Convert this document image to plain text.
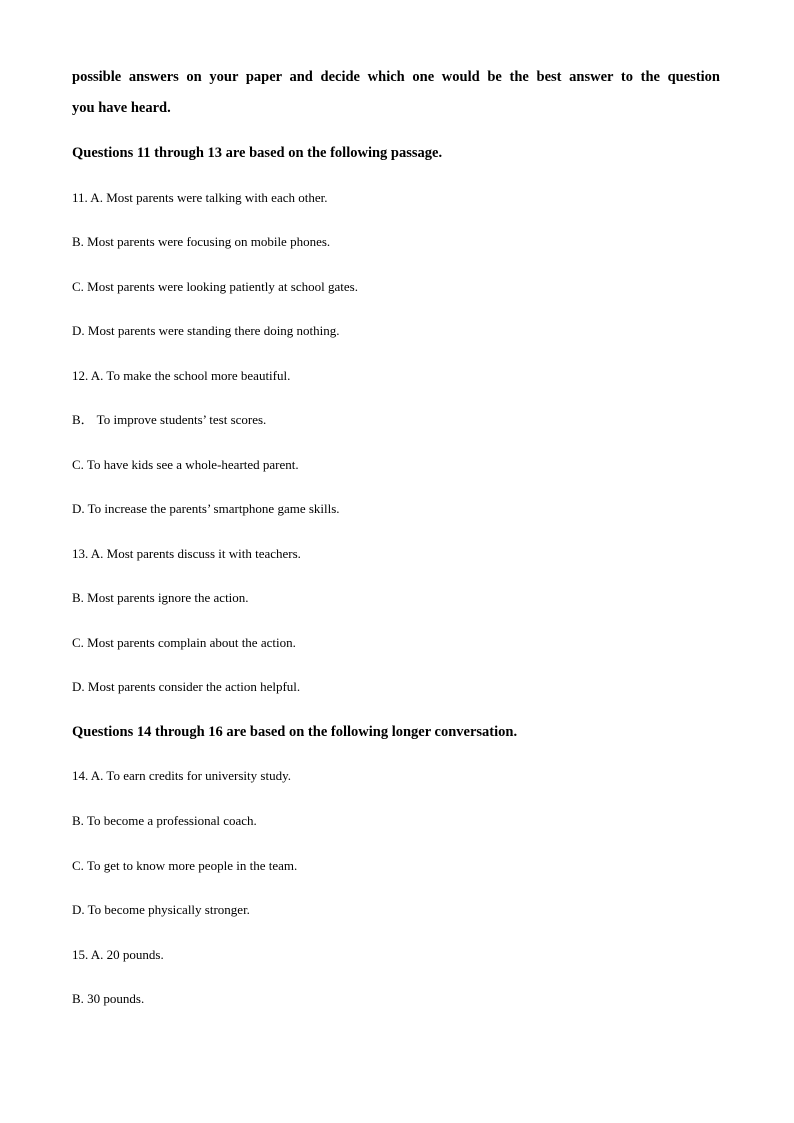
possible answers on your paper and decide which one would be the best answer to the question
you have heard.
Questions 11 through 13 are based on the following passage.
11. A. Most parents were talking with each other.
B. Most parents were focusing on mobile phones.
C. Most parents were looking patiently at school gates.
D. Most parents were standing there doing nothing.
12. A. To make the school more beautiful.
B． To improve students’ test scores.
C. To have kids see a whole-hearted parent.
D. To increase the parents’ smartphone game skills.
13. A. Most parents discuss it with teachers.
B. Most parents ignore the action.
C. Most parents complain about the action.
D. Most parents consider the action helpful.
Questions 14 through 16 are based on the following longer conversation.
14. A. To earn credits for university study.
B. To become a professional coach.
C. To get to know more people in the team.
D. To become physically stronger.
15. A. 20 pounds.
B. 30 pounds.
